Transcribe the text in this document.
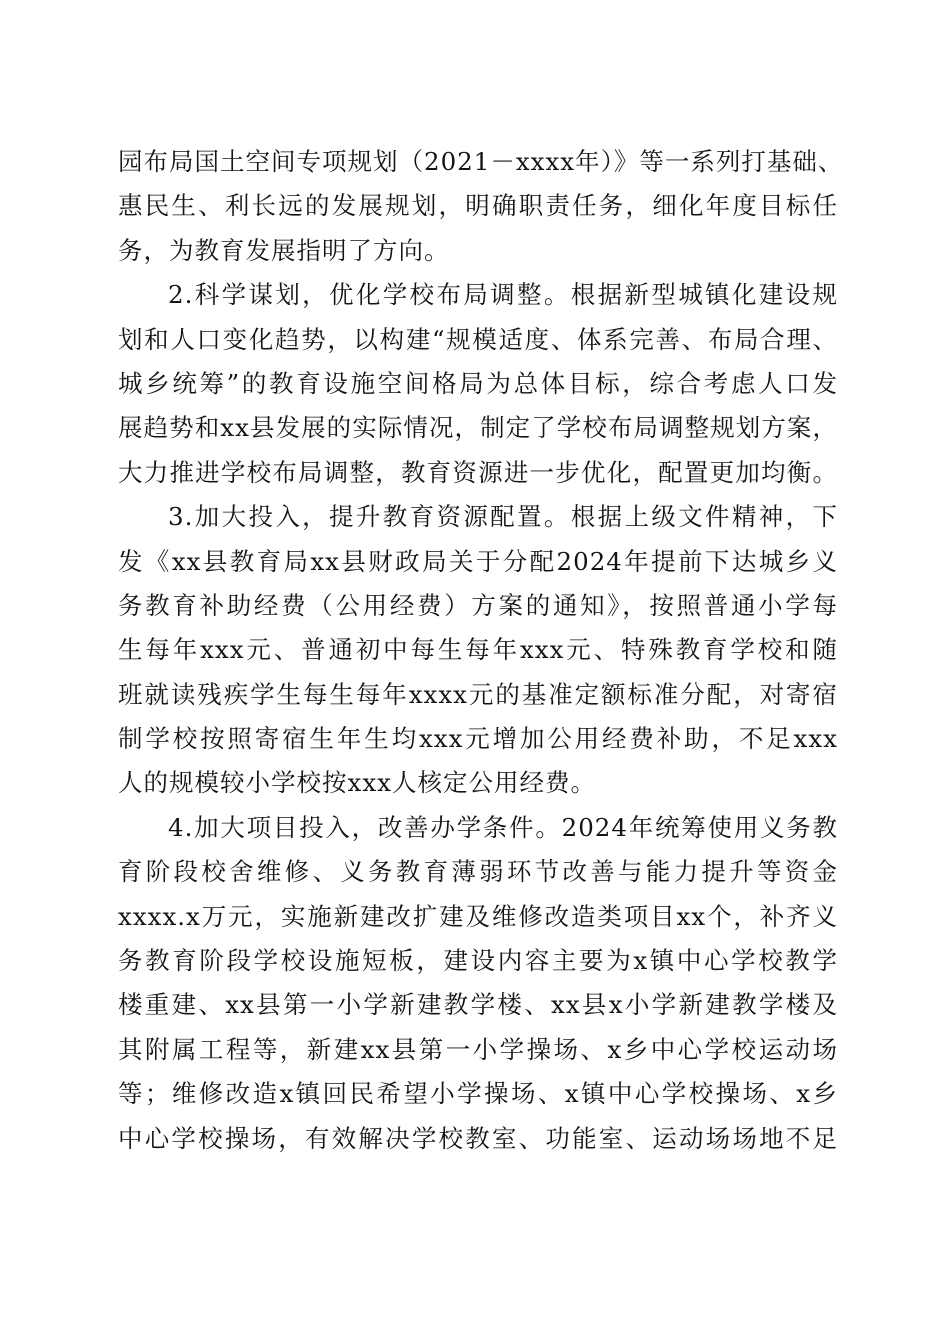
园布局国土空间专项规划（2021－xxxx年）》等一系列打基础、
惠民生、利长远的发展规划，明确职责任务，细化年度目标任
务，为教育发展指明了方向。
2.科学谋划，优化学校布局调整。根据新型城镇化建设规
划和人口变化趋势，以构建“规模适度、体系完善、布局合理、
城乡统筹”的教育设施空间格局为总体目标，综合考虑人口发
展趋势和xx县发展的实际情况，制定了学校布局调整规划方案，
大力推进学校布局调整，教育资源进一步优化，配置更加均衡。
3.加大投入，提升教育资源配置。根据上级文件精神，下
发《xx县教育局xx县财政局关于分配2024年提前下达城乡义
务教育补助经费（公用经费）方案的通知》，按照普通小学每
生每年xxx元、普通初中每生每年xxx元、特殊教育学校和随
班就读残疾学生每生每年xxxx元的基准定额标准分配，对寄宿
制学校按照寄宿生年生均xxx元增加公用经费补助，不足xxx
人的规模较小学校按xxx人核定公用经费。
4.加大项目投入，改善办学条件。2024年统筹使用义务教
育阶段校舍维修、义务教育薄弱环节改善与能力提升等资金
xxxx.x万元，实施新建改扩建及维修改造类项目xx个，补齐义
务教育阶段学校设施短板，建设内容主要为x镇中心学校教学
楼重建、xx县第一小学新建教学楼、xx县x小学新建教学楼及
其附属工程等，新建xx县第一小学操场、x乡中心学校运动场
等；维修改造x镇回民希望小学操场、x镇中心学校操场、x乡
中心学校操场，有效解决学校教室、功能室、运动场场地不足
